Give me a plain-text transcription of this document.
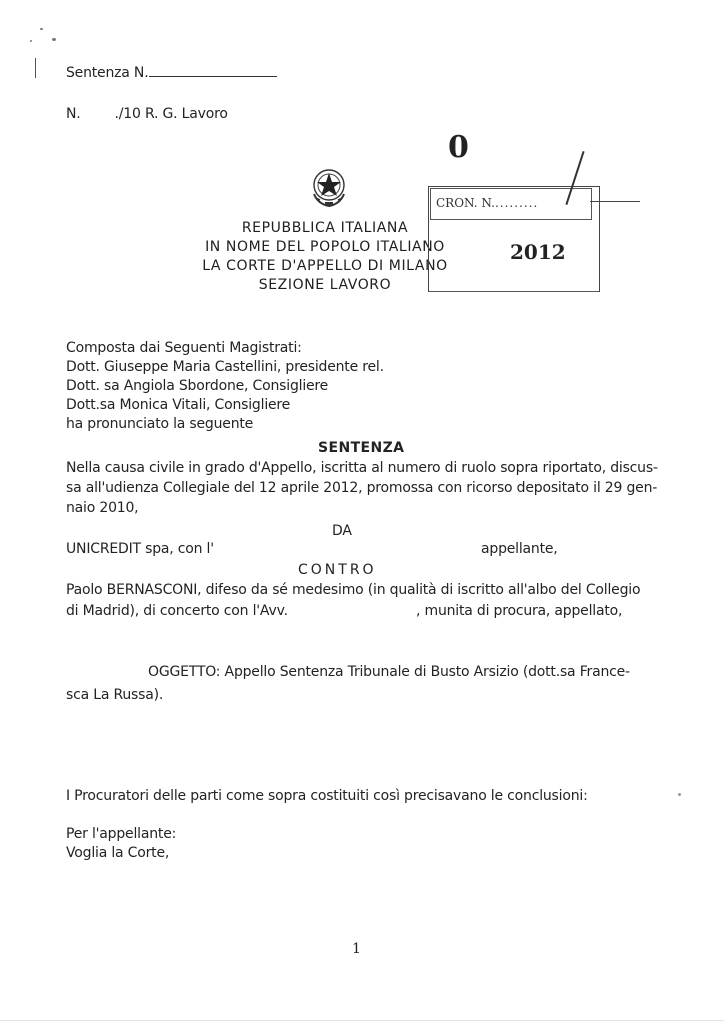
Sentenza N.
N. ./10 R. G. Lavoro
REPUBBLICA ITALIANA
IN NOME DEL POPOLO ITALIANO
LA CORTE D'APPELLO DI MILANO
SEZIONE LAVORO
0
CRON. N..........
2012
Composta dai Seguenti Magistrati:
Dott. Giuseppe Maria Castellini, presidente rel.
Dott. sa Angiola Sbordone, Consigliere
Dott.sa Monica Vitali, Consigliere
ha pronunciato la seguente
SENTENZA
Nella causa civile in grado d'Appello, iscritta al numero di ruolo sopra riportato, discus-
sa all'udienza Collegiale del 12 aprile 2012, promossa con ricorso depositato il 29 gen-
naio 2010,
DA
UNICREDIT spa, con l'	appellante,
CONTRO
Paolo BERNASCONI, difeso da sé medesimo (in qualità di iscritto all'albo del Collegio
di Madrid), di concerto con l'Avv.	, munita di procura, appellato,
OGGETTO: Appello Sentenza Tribunale di Busto Arsizio (dott.sa France-
sca La Russa).
I Procuratori delle parti come sopra costituiti così precisavano le conclusioni:
Per l'appellante:
Voglia la Corte,
1
